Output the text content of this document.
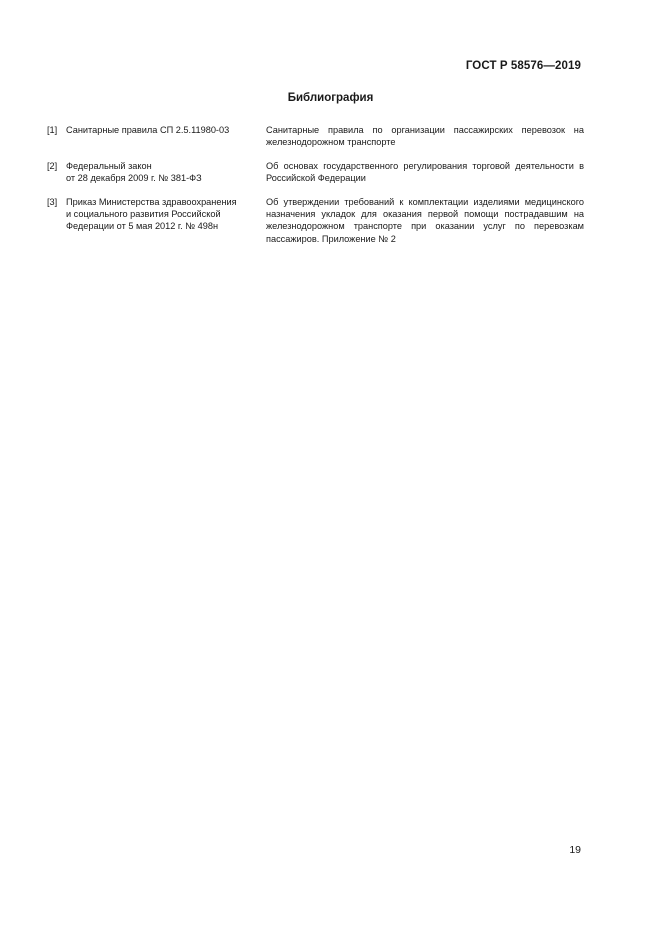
ГОСТ Р 58576—2019
Библиография
[1] Санитарные правила СП 2.5.11980-03	Санитарные правила по организации пассажирских перевозок на железнодорожном транспорте
[2] Федеральный закон
от 28 декабря 2009 г. № 381-ФЗ
Об основах государственного регулирования торговой деятельности в Российской Федерации
[3] Приказ Министерства здравоохранения
и социального развития Российской
Федерации от 5 мая 2012 г. № 498н
Об утверждении требований к комплектации изделиями медицинского назначения укладок для оказания первой помощи пострадавшим на железнодорожном транспорте при оказании услуг по перевозкам пассажиров. Приложение № 2
19
